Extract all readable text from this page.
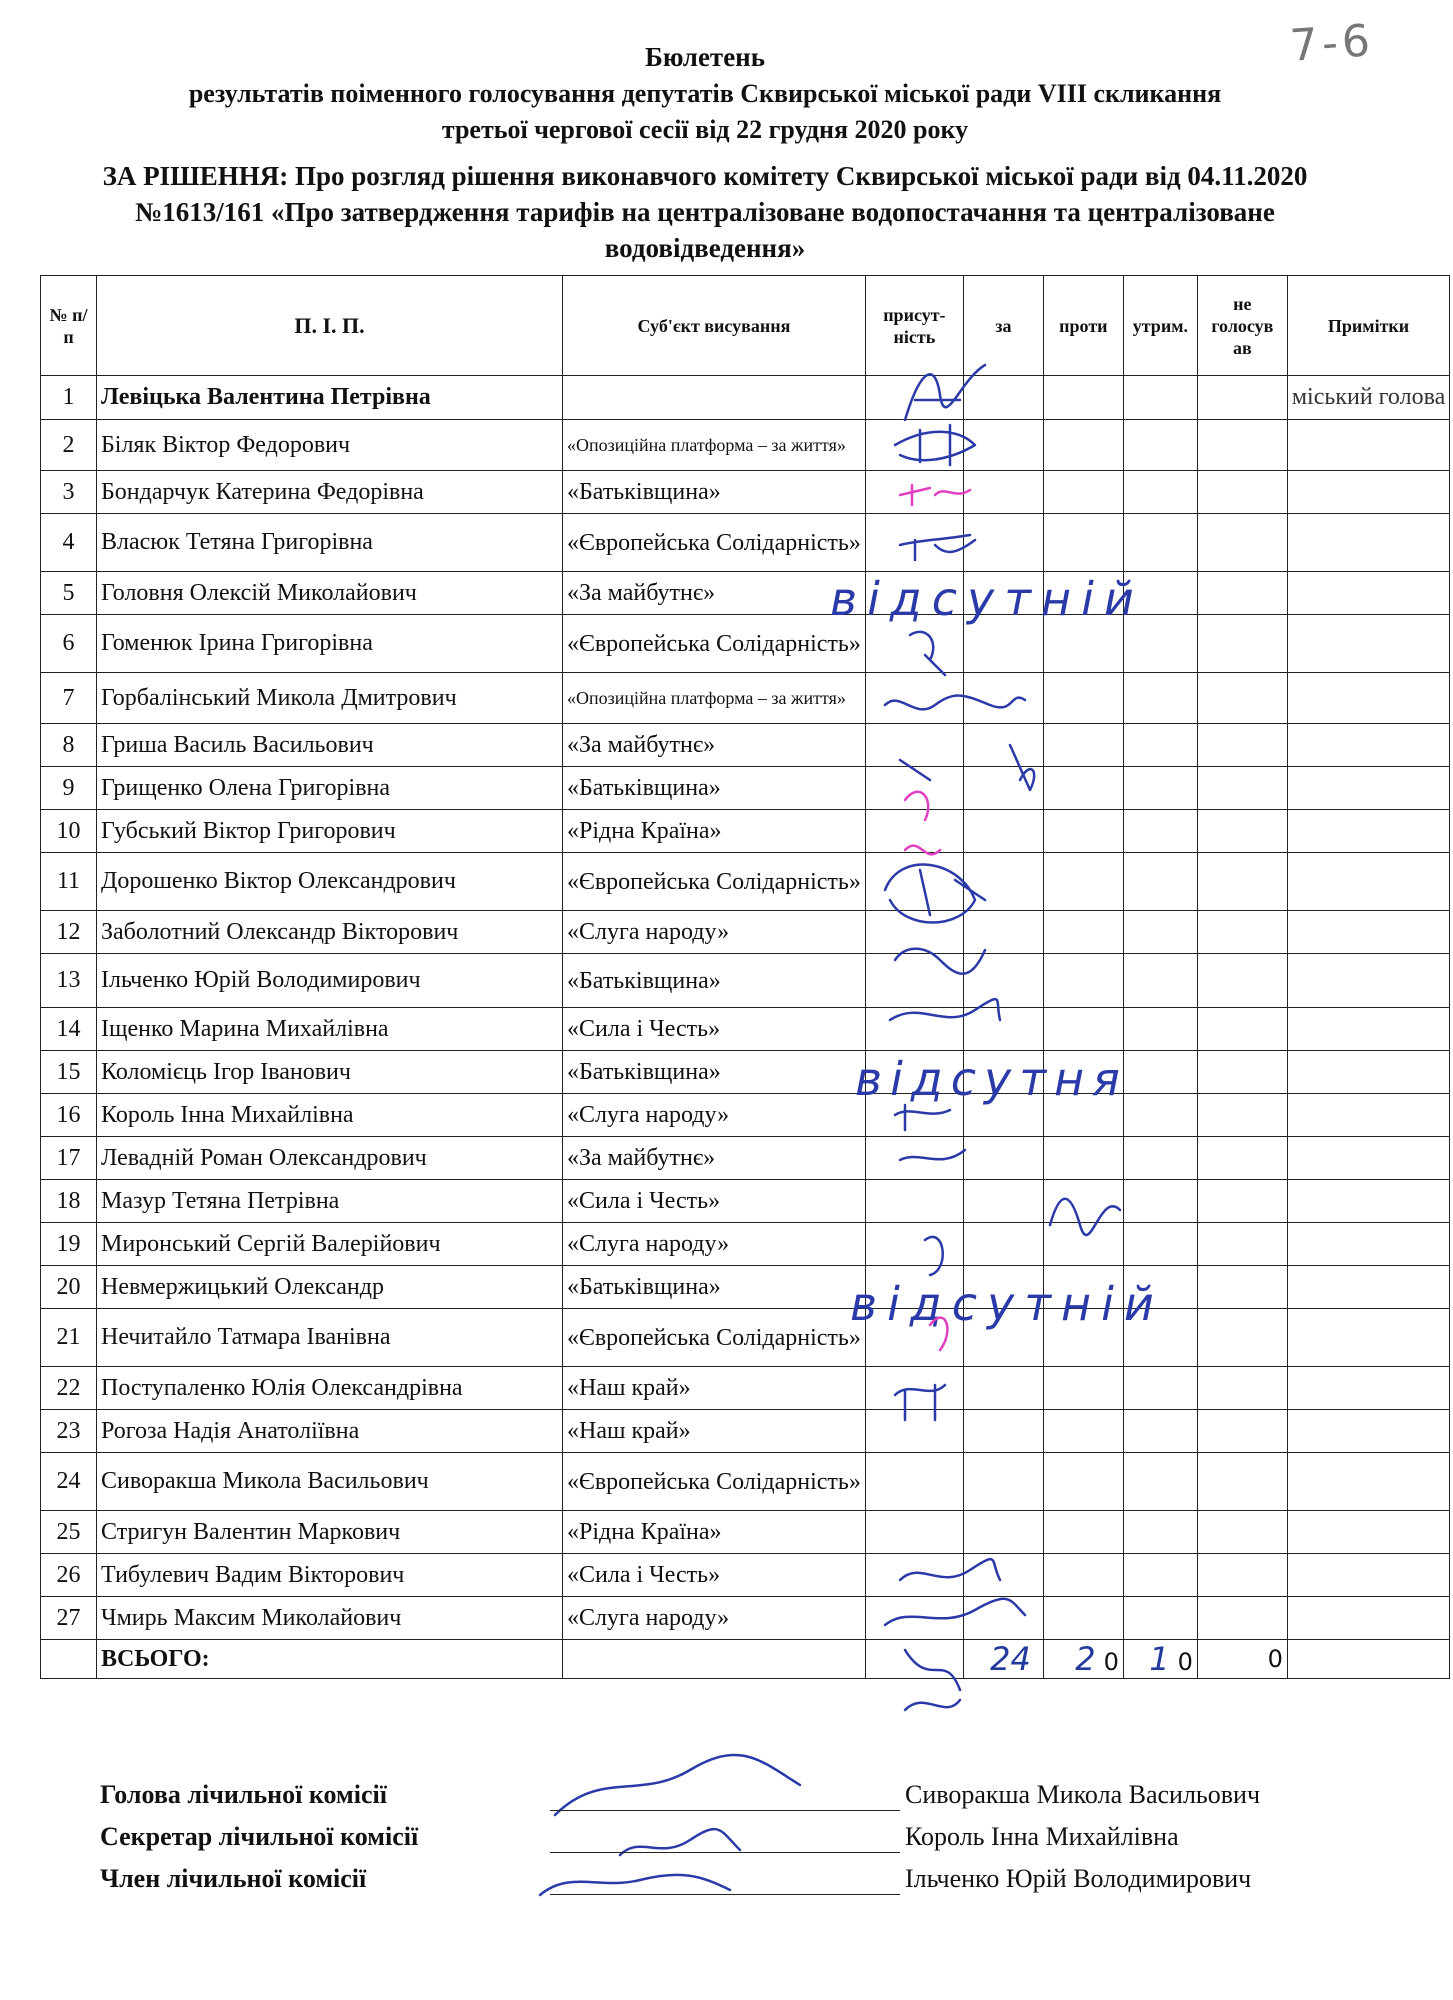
7-6
Бюлетень
результатів поіменного голосування депутатів Сквирської міської ради VIII скликання
третьої чергової сесії від 22 грудня 2020 року
ЗА РІШЕННЯ: Про розгляд рішення виконавчого комітету Сквирської міської ради від 04.11.2020 №1613/161 «Про затвердження тарифів на централізоване водопостачання та централізоване водовідведення»
№ п/п	П. І. П.	Суб'єкт висування	присут-ність	за	проти	утрим.	не голосув ав	Примітки
1	Левіцька Валентина Петрівна							міський голова
2	Біляк Віктор Федорович	«Опозиційна платформа – за життя»						
3	Бондарчук Катерина Федорівна	«Батьківщина»						
4	Власюк Тетяна Григорівна	«Європейська Солідарність»						
5	Головня Олексій Миколайович	«За майбутнє»						
6	Гоменюк Ірина Григорівна	«Європейська Солідарність»						
7	Горбалінський Микола Дмитрович	«Опозиційна платформа – за життя»						
8	Гриша Василь Васильович	«За майбутнє»						
9	Грищенко Олена Григорівна	«Батьківщина»						
10	Губський Віктор Григорович	«Рідна Країна»						
11	Дорошенко Віктор Олександрович	«Європейська Солідарність»						
12	Заболотний Олександр Вікторович	«Слуга народу»						
13	Ільченко Юрій Володимирович	«Батьківщина»						
14	Іщенко Марина Михайлівна	«Сила і Честь»						
15	Коломієць Ігор Іванович	«Батьківщина»						
16	Король Інна Михайлівна	«Слуга народу»						
17	Левадній Роман Олександрович	«За майбутнє»						
18	Мазур Тетяна Петрівна	«Сила і Честь»						
19	Миронський Сергій Валерійович	«Слуга народу»						
20	Невмержицький Олександр	«Батьківщина»						
21	Нечитайло Татмара Іванівна	«Європейська Солідарність»						
22	Поступаленко Юлія Олександрівна	«Наш край»						
23	Рогоза Надія Анатоліївна	«Наш край»						
24	Сиворакша Микола Васильович	«Європейська Солідарність»						
25	Стригун Валентин Маркович	«Рідна Країна»						
26	Тибулевич Вадим Вікторович	«Сила і Честь»						
27	Чмирь Максим Миколайович	«Слуга народу»						
	ВСЬОГО:			24	2 0	1 0	0	
відсутній
відсутня
відсутній
Голова лічильної комісії	Сиворакша Микола Васильович
Секретар лічильної комісії	Король Інна Михайлівна
Член лічильної комісії	Ільченко Юрій Володимирович
